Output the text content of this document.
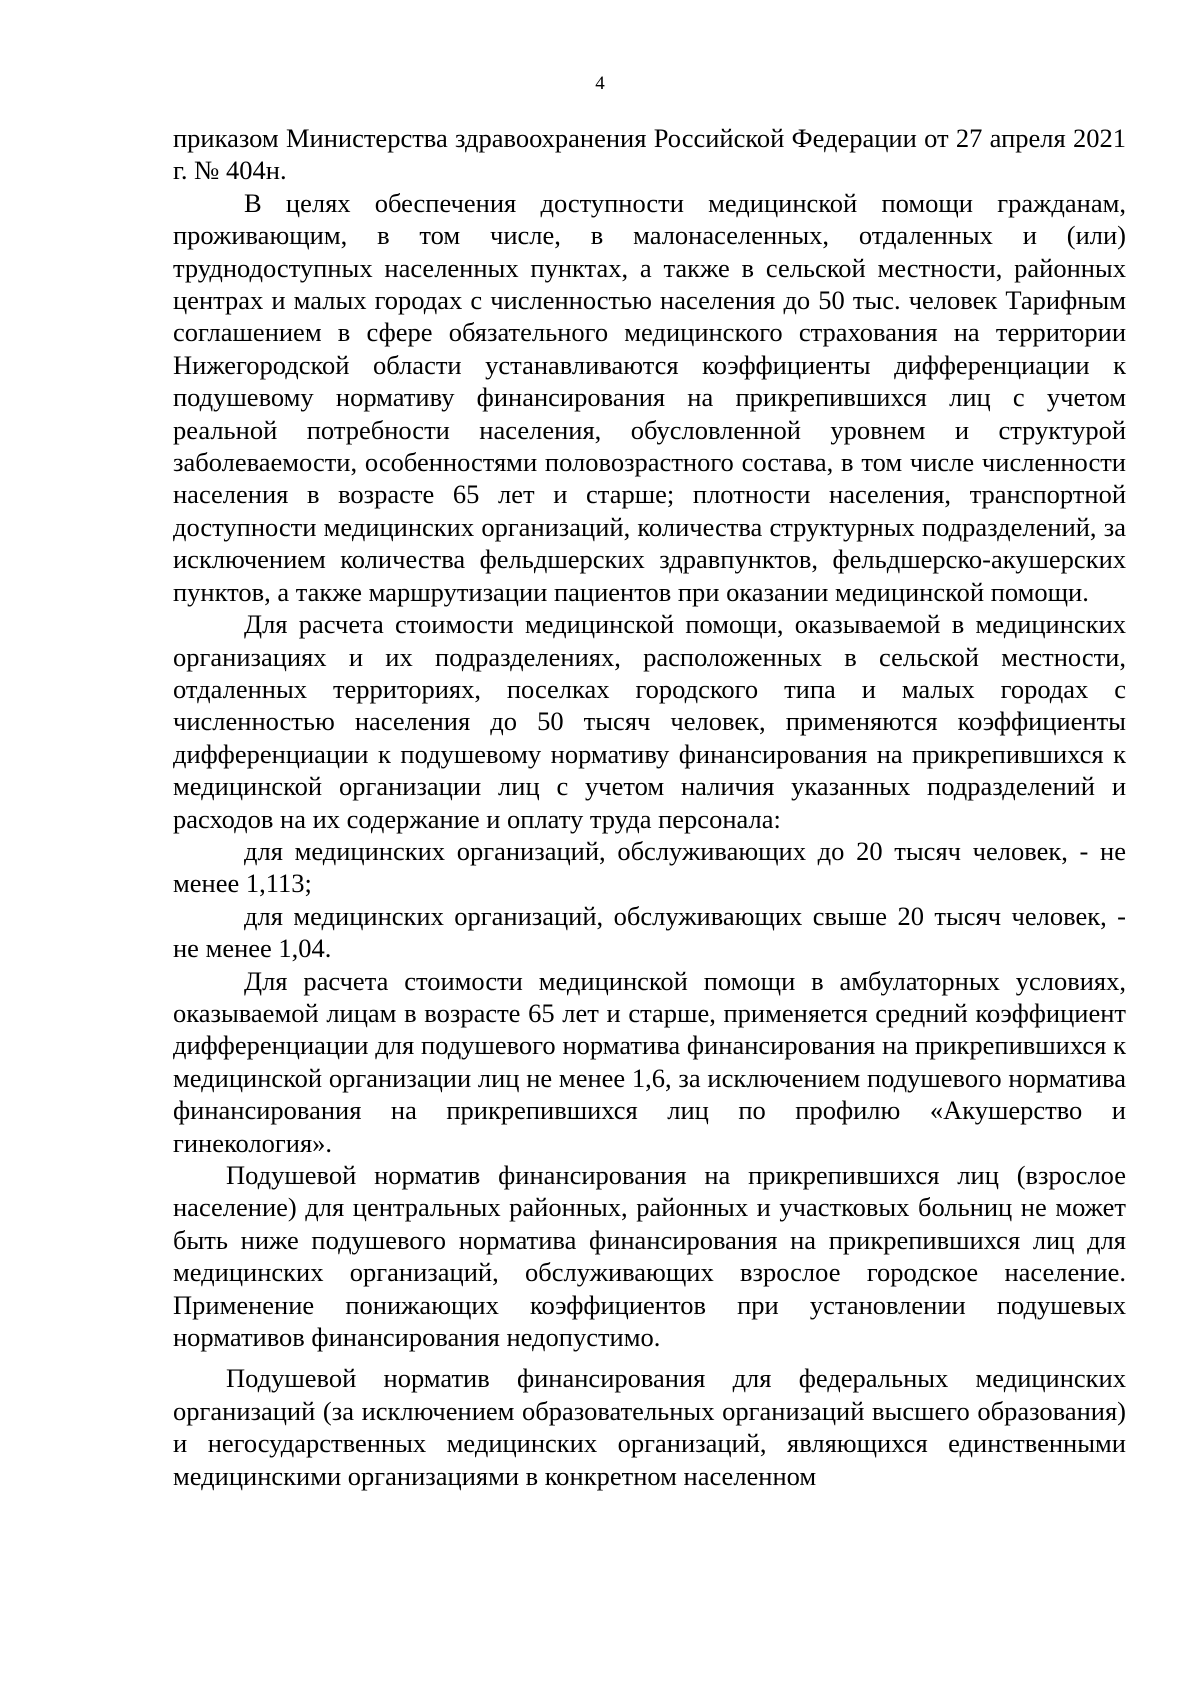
4

приказом Министерства здравоохранения Российской Федерации от 27 апреля 2021 г. № 404н.

В целях обеспечения доступности медицинской помощи гражданам, проживающим, в том числе, в малонаселенных, отдаленных и (или) труднодоступных населенных пунктах, а также в сельской местности, районных центрах и малых городах с численностью населения до 50 тыс. человек Тарифным соглашением в сфере обязательного медицинского страхования на территории Нижегородской области устанавливаются коэффициенты дифференциации к подушевому нормативу финансирования на прикрепившихся лиц с учетом реальной потребности населения, обусловленной уровнем и структурой заболеваемости, особенностями половозрастного состава, в том числе численности населения в возрасте 65 лет и старше; плотности населения, транспортной доступности медицинских организаций, количества структурных подразделений, за исключением количества фельдшерских здравпунктов, фельдшерско-акушерских пунктов, а также маршрутизации пациентов при оказании медицинской помощи.

Для расчета стоимости медицинской помощи, оказываемой в медицинских организациях и их подразделениях, расположенных в сельской местности, отдаленных территориях, поселках городского типа и малых городах с численностью населения до 50 тысяч человек, применяются коэффициенты дифференциации к подушевому нормативу финансирования на прикрепившихся к медицинской организации лиц с учетом наличия указанных подразделений и расходов на их содержание и оплату труда персонала:

для медицинских организаций, обслуживающих до 20 тысяч человек, - не менее 1,113;

для медицинских организаций, обслуживающих свыше 20 тысяч человек, - не менее 1,04.

Для расчета стоимости медицинской помощи в амбулаторных условиях, оказываемой лицам в возрасте 65 лет и старше, применяется средний коэффициент дифференциации для подушевого норматива финансирования на прикрепившихся к медицинской организации лиц не менее 1,6, за исключением подушевого норматива финансирования на прикрепившихся лиц по профилю «Акушерство и гинекология».

Подушевой норматив финансирования на прикрепившихся лиц (взрослое население) для центральных районных, районных и участковых больниц не может быть ниже подушевого норматива финансирования на прикрепившихся лиц для медицинских организаций, обслуживающих взрослое городское население. Применение понижающих коэффициентов при установлении подушевых нормативов финансирования недопустимо.

Подушевой норматив финансирования для федеральных медицинских организаций (за исключением образовательных организаций высшего образования) и негосударственных медицинских организаций, являющихся единственными медицинскими организациями в конкретном населенном
